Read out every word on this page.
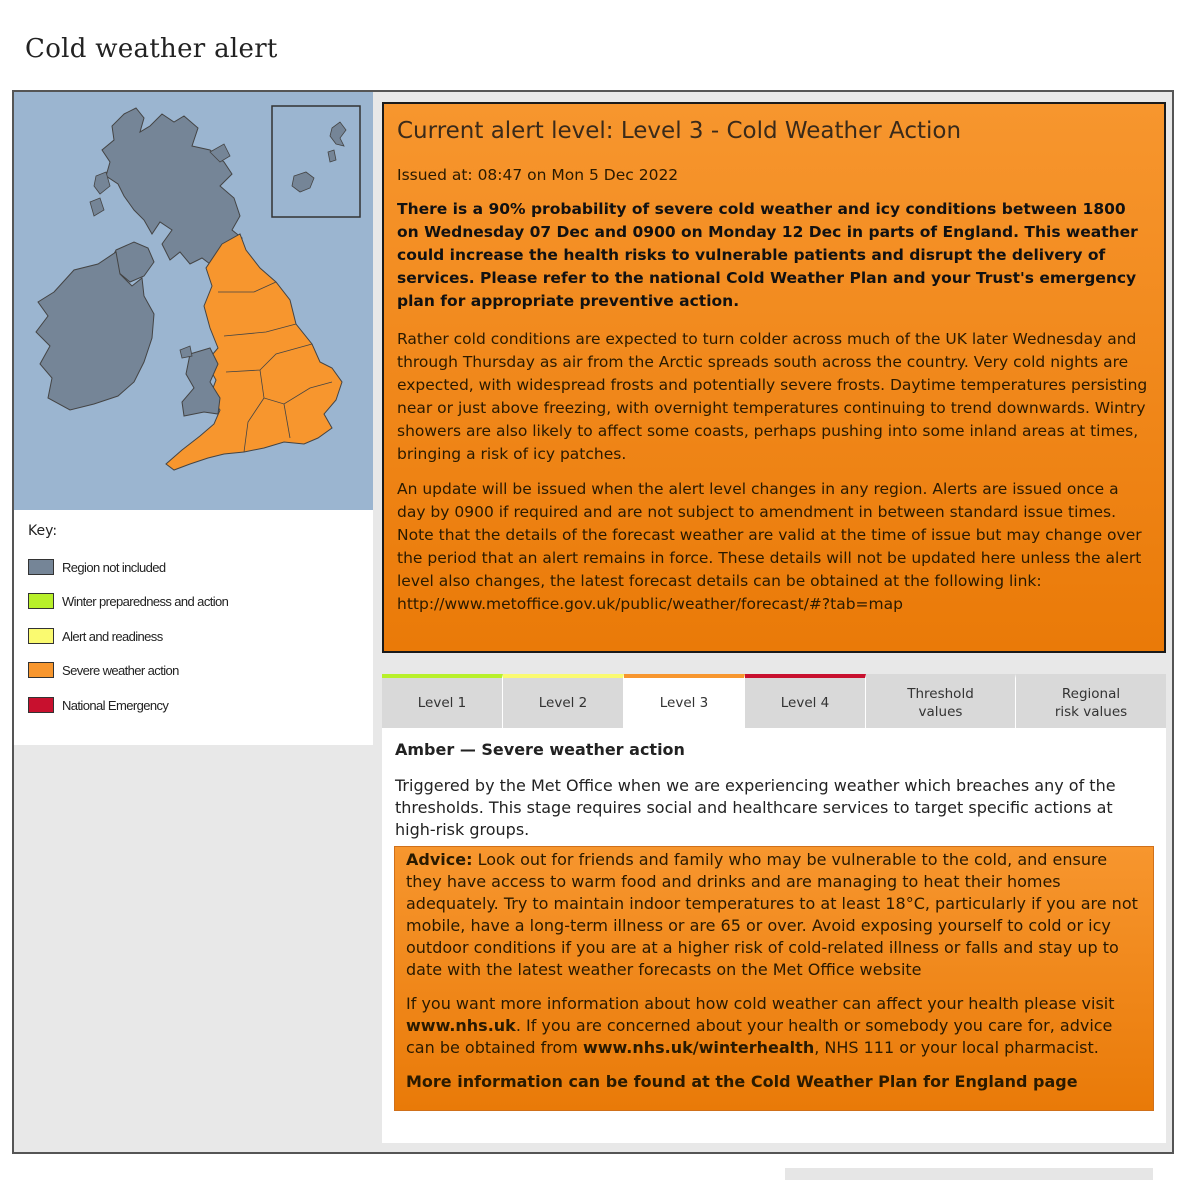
Cold weather alert
Key:
Region not included
Winter preparedness and action
Alert and readiness
Severe weather action
National Emergency
Current alert level: Level 3 - Cold Weather Action

Issued at: 08:47 on Mon 5 Dec 2022

There is a 90% probability of severe cold weather and icy conditions between 1800 on Wednesday 07 Dec and 0900 on Monday 12 Dec in parts of England. This weather could increase the health risks to vulnerable patients and disrupt the delivery of services. Please refer to the national Cold Weather Plan and your Trust's emergency plan for appropriate preventive action.

Rather cold conditions are expected to turn colder across much of the UK later Wednesday and through Thursday as air from the Arctic spreads south across the country. Very cold nights are expected, with widespread frosts and potentially severe frosts. Daytime temperatures persisting near or just above freezing, with overnight temperatures continuing to trend downwards. Wintry showers are also likely to affect some coasts, perhaps pushing into some inland areas at times, bringing a risk of icy patches.

An update will be issued when the alert level changes in any region. Alerts are issued once a day by 0900 if required and are not subject to amendment in between standard issue times. Note that the details of the forecast weather are valid at the time of issue but may change over the period that an alert remains in force. These details will not be updated here unless the alert level also changes, the latest forecast details can be obtained at the following link:
http://www.metoffice.gov.uk/public/weather/forecast/#?tab=map

Level 1	Level 2	Level 3	Level 4
Threshold
values
Regional
risk values
Amber — Severe weather action

Triggered by the Met Office when we are experiencing weather which breaches any of the thresholds. This stage requires social and healthcare services to target specific actions at high-risk groups.

Advice: Look out for friends and family who may be vulnerable to the cold, and ensure they have access to warm food and drinks and are managing to heat their homes adequately. Try to maintain indoor temperatures to at least 18°C, particularly if you are not mobile, have a long-term illness or are 65 or over. Avoid exposing yourself to cold or icy outdoor conditions if you are at a higher risk of cold-related illness or falls and stay up to date with the latest weather forecasts on the Met Office website

If you want more information about how cold weather can affect your health please visit www.nhs.uk. If you are concerned about your health or somebody you care for, advice can be obtained from www.nhs.uk/winterhealth, NHS 111 or your local pharmacist.

More information can be found at the Cold Weather Plan for England page
